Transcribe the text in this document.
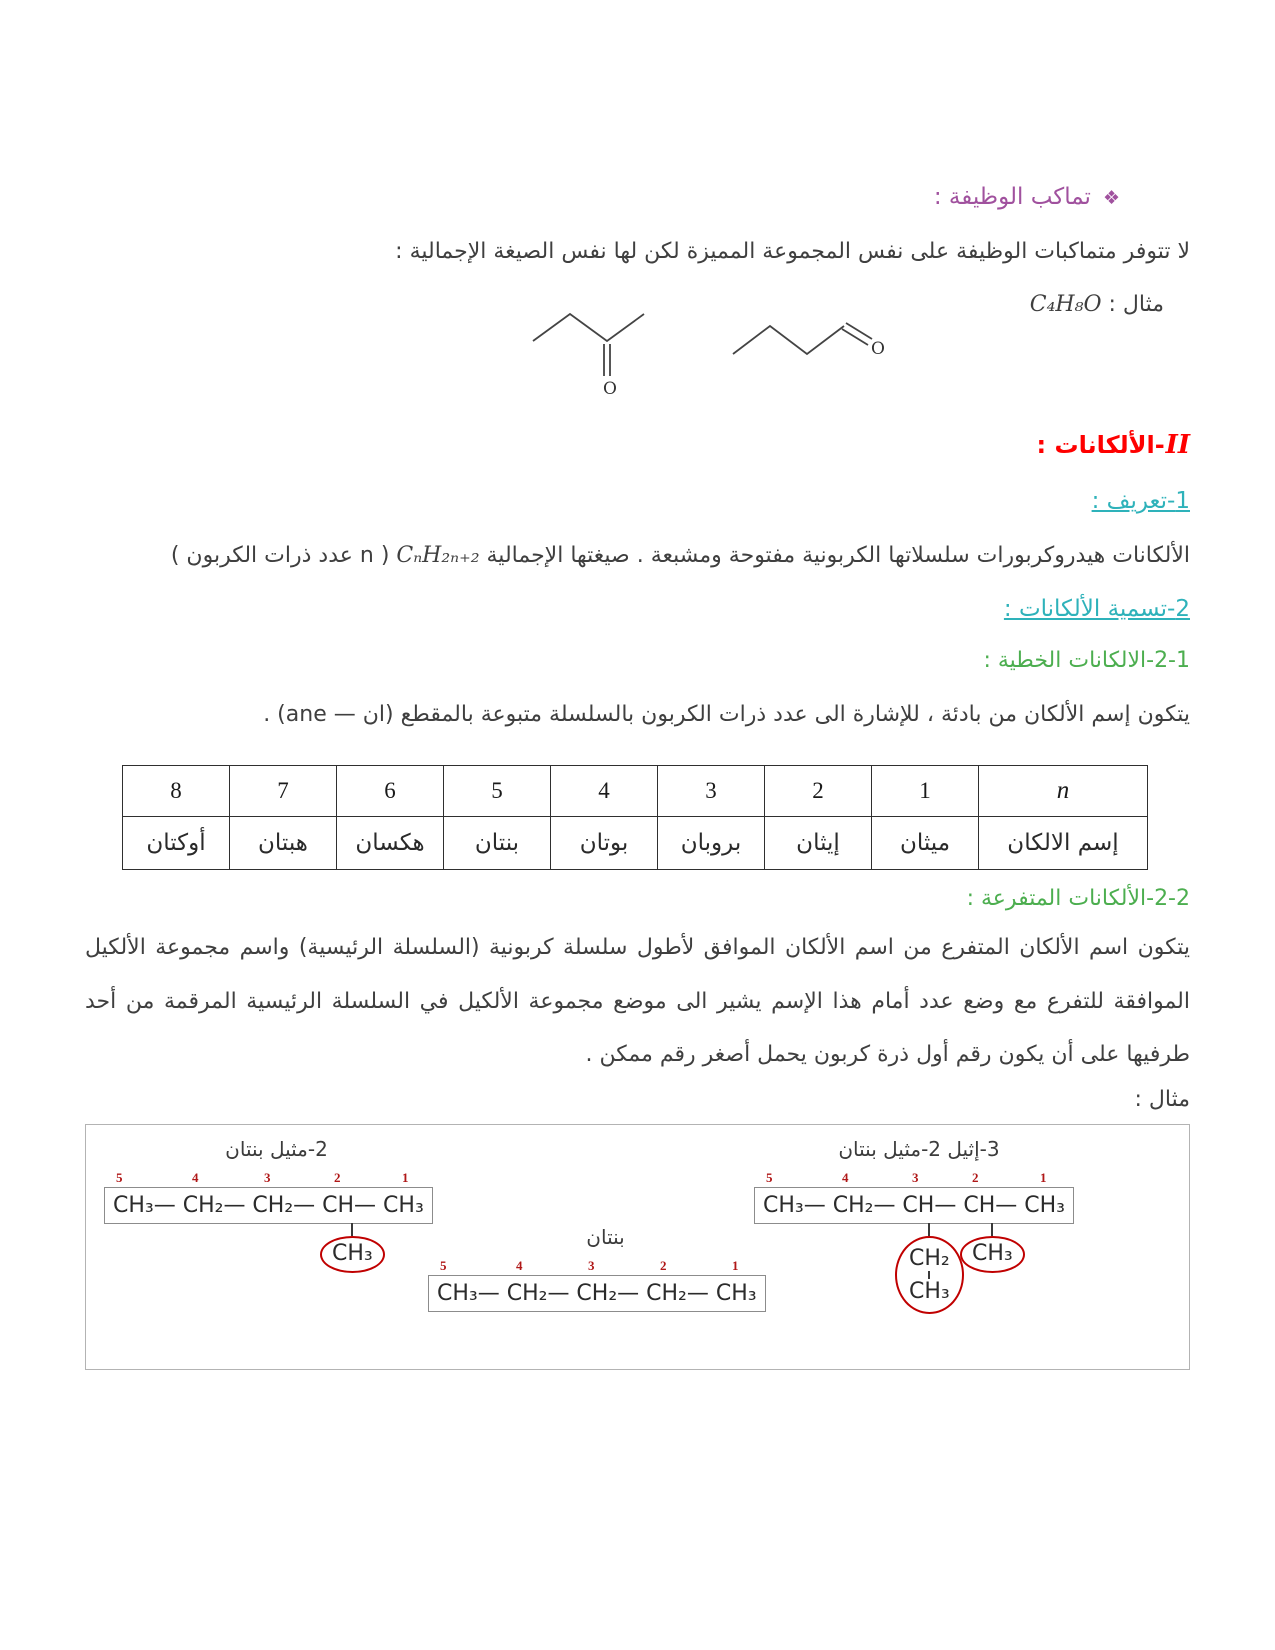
❖
تماكب الوظيفة :

لا تتوفر متماكبات الوظيفة على نفس المجموعة المميزة لكن لها نفس الصيغة الإجمالية :

مثال : C₄H₈O
O
O
II
-الألكانات :
1-تعريف :

الألكانات هيدروكربورات سلسلاتها الكربونية مفتوحة ومشبعة . صيغتها الإجمالية CₙH₂ₙ₊₂ ( n عدد ذرات الكربون )

2-تسمية الألكانات :
2-1-الالكانات الخطية :

يتكون إسم الألكان من بادئة ، للإشارة الى عدد ذرات الكربون بالسلسلة متبوعة بالمقطع (ان — ane) .

n	1	2	3	4	5	6	7	8
إسم الالكان	ميثان	إيثان	بروبان	بوتان	بنتان	هكسان	هبتان	أوكتان
2-2-الألكانات المتفرعة :

يتكون اسم الألكان المتفرع من اسم الألكان الموافق لأطول سلسلة كربونية (السلسلة الرئيسية) واسم مجموعة الألكيل الموافقة للتفرع مع وضع عدد أمام هذا الإسم يشير الى موضع مجموعة الألكيل في السلسلة الرئيسية المرقمة من أحد طرفيها على أن يكون رقم أول ذرة كربون يحمل أصغر رقم ممكن .

مثال :

2-مثيل بنتان
5	4	3	2	1
CH₃— CH₂— CH₂— CH— CH₃
CH₃
بنتان
5	4	3	2	1
CH₃— CH₂— CH₂— CH₂— CH₃
3-إثيل 2-مثيل بنتان
5	4	3	2	1
CH₃— CH₂— CH— CH— CH₃
CH₂
CH₃
CH₃
